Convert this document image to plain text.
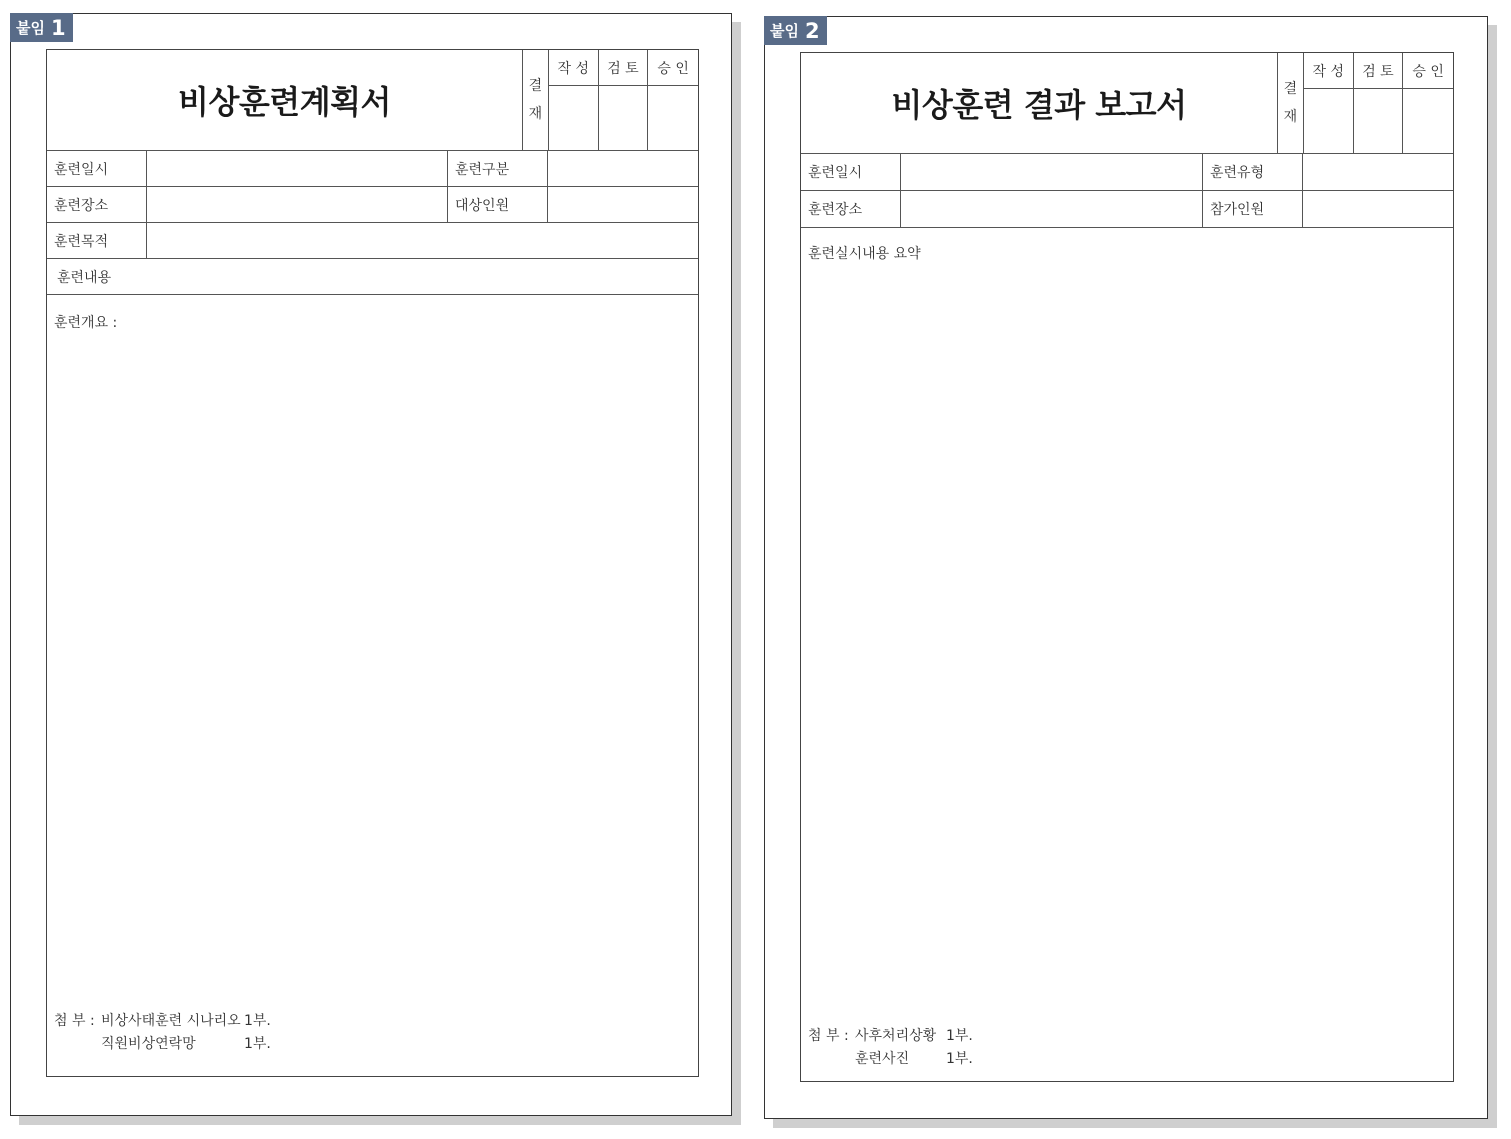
붙임 1
비상훈련계획서	결
재
작 성	검 토	승 인
훈련일시	훈련구분
훈련장소	대상인원
훈련목적
훈련내용
훈련개요 :
첨 부 : 비상사태훈련 시나리오 1부.
직원비상연락망	1부.
붙임 2
비상훈련 결과 보고서	결
재
작 성	검 토	승 인
훈련일시	훈련유형
훈련장소	참가인원
훈련실시내용 요약
첨 부 : 사후처리상황 1부.
훈련사진	1부.
